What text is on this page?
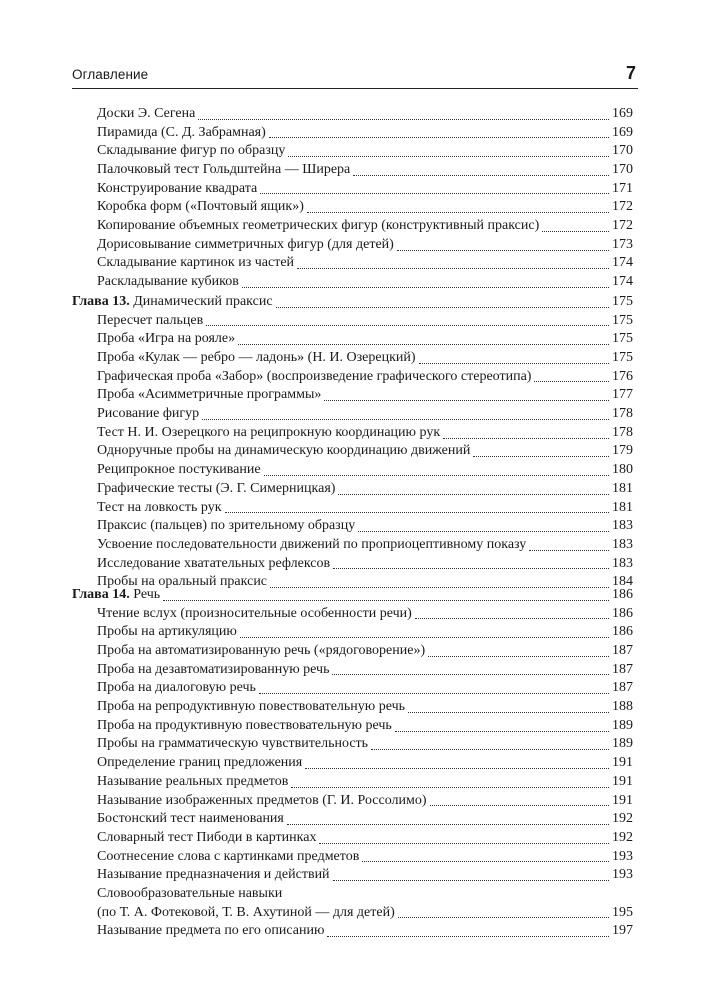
Оглавление	7
Доски Э. Сегена	169
Пирамида (С. Д. Забрамная)	169
Складывание фигур по образцу	170
Палочковый тест Гольдштейна — Ширера	170
Конструирование квадрата	171
Коробка форм («Почтовый ящик»)	172
Копирование объемных геометрических фигур (конструктивный праксис)	172
Дорисовывание симметричных фигур (для детей)	173
Складывание картинок из частей	174
Раскладывание кубиков	174
Глава 13. Динамический праксис	175
Пересчет пальцев	175
Проба «Игра на рояле»	175
Проба «Кулак — ребро — ладонь» (Н. И. Озерецкий)	175
Графическая проба «Забор» (воспроизведение графического стереотипа)	176
Проба «Асимметричные программы»	177
Рисование фигур	178
Тест Н. И. Озерецкого на реципрокную координацию рук	178
Одноручные пробы на динамическую координацию движений	179
Реципрокное постукивание	180
Графические тесты (Э. Г. Симерницкая)	181
Тест на ловкость рук	181
Праксис (пальцев) по зрительному образцу	183
Усвоение последовательности движений по проприоцептивному показу	183
Исследование хватательных рефлексов	183
Пробы на оральный праксис	184
Глава 14. Речь	186
Чтение вслух (произносительные особенности речи)	186
Пробы на артикуляцию	186
Проба на автоматизированную речь («рядоговорение»)	187
Проба на дезавтоматизированную речь	187
Проба на диалоговую речь	187
Проба на репродуктивную повествовательную речь	188
Проба на продуктивную повествовательную речь	189
Пробы на грамматическую чувствительность	189
Определение границ предложения	191
Называние реальных предметов	191
Называние изображенных предметов (Г. И. Россолимо)	191
Бостонский тест наименования	192
Словарный тест Пибоди в картинках	192
Соотнесение слова с картинками предметов	193
Называние предназначения и действий	193
Словообразовательные навыки
(по Т. А. Фотековой, Т. В. Ахутиной — для детей)	195
Называние предмета по его описанию	197
